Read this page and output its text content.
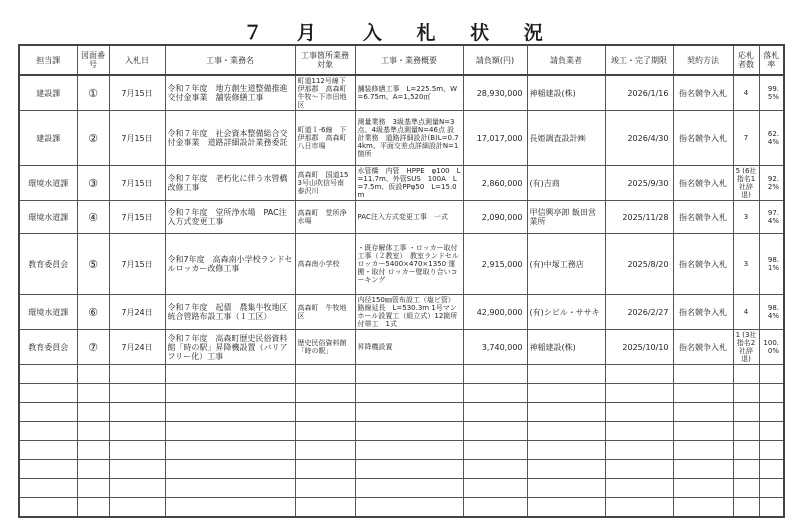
７ 月　入 札 状 況
担当課	図面番号	入札日	工事・業務名	工事箇所業務対象	工事・業務概要	請負額(円)	請負業者	竣工・完了期限	契約方法	応札者数	落札率
建設課	①	7月15日	令和７年度　地方創生道整備推進交付金事業　舗装修繕工事	町道112号線下伊那郡　高森町　牛牧～下市田地区	舗装修繕工事　L=225.5m、W=6.75m、A=1,520㎡	28,930,000	神稲建設(株)	2026/1/16	指名競争入札	4	99.5%
建設課	②	7月15日	令和７年度　社会資本整備総合交付金事業　道路詳細設計業務委託	町道１-6線　下伊那郡　高森町八日市場	測量業務　3級基準点測量N=3点、4級基準点測量N=46点 設計業務　道路詳細設計(B)L=0.74km、平面交差点詳細設計N=1箇所	17,017,000	長姫調査設計㈱	2026/4/30	指名競争入札	7	62.4%
環境水道課	③	7月15日	令和７年度　老朽化に伴う水管橋改修工事	高森町　国道153号山吹信号南　泰沢川	水管橋　内管　HPPE　φ100　L=11.7m、外管SUS　100A　L=7.5m、仮設PPφ50　L=15.0m	2,860,000	(有)吉商	2025/9/30	指名競争入札	5 (6社指名1社辞退)	92.2%
環境水道課	④	7月15日	令和７年度　堂所浄水場　PAC注入方式変更工事	高森町　堂所浄水場	PAC注入方式変更工事　一式	2,090,000	甲信興亭卸 飯田営業所	2025/11/28	指名競争入札	3	97.4%
教育委員会	⑤	7月15日	令和7年度　高森南小学校ランドセルロッカー改修工事	高森南小学校	・既存解体工事 ・ロッカー取付工事（２教室）　教室ランドセルロッカー5400×470×1350 運搬・取付 ロッカー壁取り合いコーキング	2,915,000	(有)中塚工務店	2025/8/20	指名競争入札	3	98.1%
環境水道課	⑥	7月24日	令和７年度　起債　農集牛牧地区統合管路布設工事（１工区）	高森町　牛牧地区	内径150㎜管布設工（塩ビ管）路線延長　L=530.3m 1号マンホール設置工（組立式）12箇所　付帯工　1式	42,900,000	(有)シビル・ササキ	2026/2/27	指名競争入札	4	98.4%
教育委員会	⑦	7月24日	令和７年度　高森町歴史民俗資料館「時の駅」昇降機設置（バリアフリー化）工事	歴史民俗資料館「時の駅」	昇降機設置	3,740,000	神稲建設(株)	2025/10/10	指名競争入札	1 (3社指名2社辞退)	100.0%
